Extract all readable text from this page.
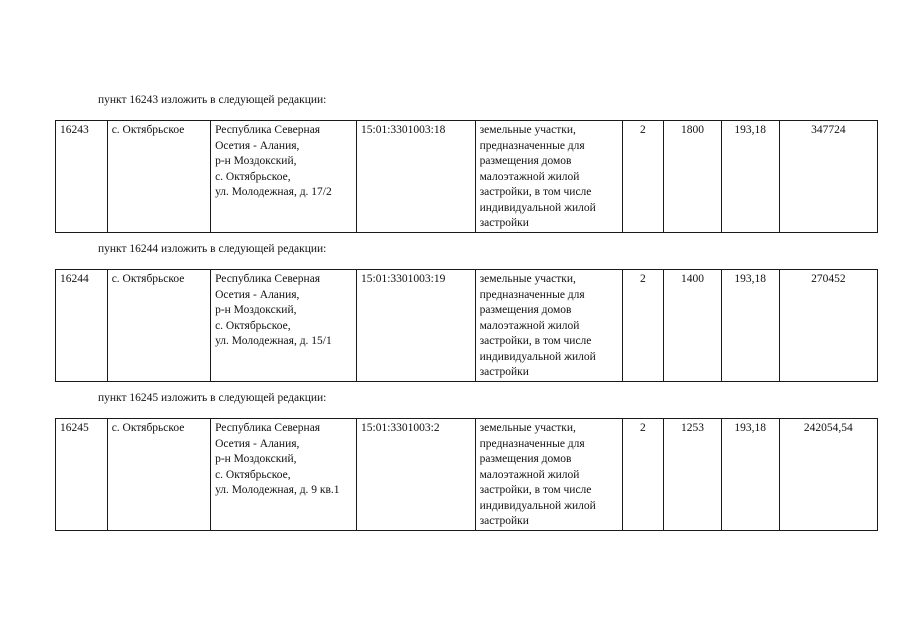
пункт 16243 изложить в следующей редакции:
16243	с. Октябрьское	Республика Северная
Осетия - Алания,
р-н Моздокский,
с. Октябрьское,
ул. Молодежная, д. 17/2	15:01:3301003:18	земельные участки,
предназначенные для
размещения домов
малоэтажной жилой
застройки, в том числе
индивидуальной жилой
застройки	2	1800	193,18	347724
пункт 16244 изложить в следующей редакции:
16244	с. Октябрьское	Республика Северная
Осетия - Алания,
р-н Моздокский,
с. Октябрьское,
ул. Молодежная, д. 15/1	15:01:3301003:19	земельные участки,
предназначенные для
размещения домов
малоэтажной жилой
застройки, в том числе
индивидуальной жилой
застройки	2	1400	193,18	270452
пункт 16245 изложить в следующей редакции:
16245	с. Октябрьское	Республика Северная
Осетия - Алания,
р-н Моздокский,
с. Октябрьское,
ул. Молодежная, д. 9 кв.1	15:01:3301003:2	земельные участки,
предназначенные для
размещения домов
малоэтажной жилой
застройки, в том числе
индивидуальной жилой
застройки	2	1253	193,18	242054,54
